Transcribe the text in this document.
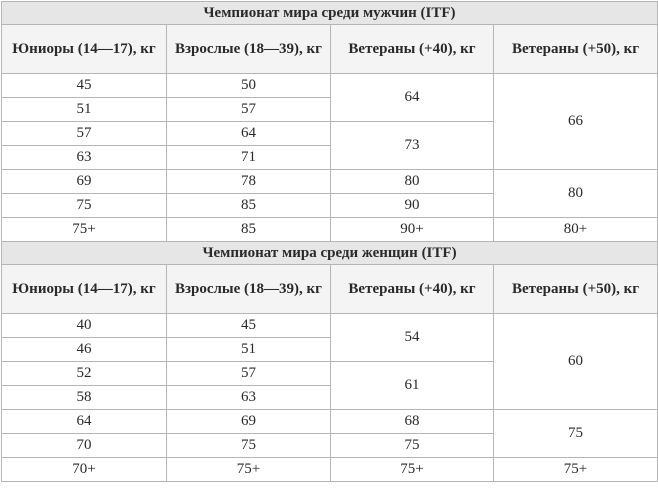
Чемпионат мира среди мужчин (ITF)			
Юниоры (14—17), кг	Взрослые (18—39), кг	Ветераны (+40), кг	Ветераны (+50), кг
45	50	64	66
51	57		
57	64	73	
63	71		
69	78	80	80
75	85	90	
75+	85	90+	80+
Чемпионат мира среди женщин (ITF)			
Юниоры (14—17), кг	Взрослые (18—39), кг	Ветераны (+40), кг	Ветераны (+50), кг
40	45	54	60
46	51		
52	57	61	
58	63		
64	69	68	75
70	75	75	
70+	75+	75+	75+
